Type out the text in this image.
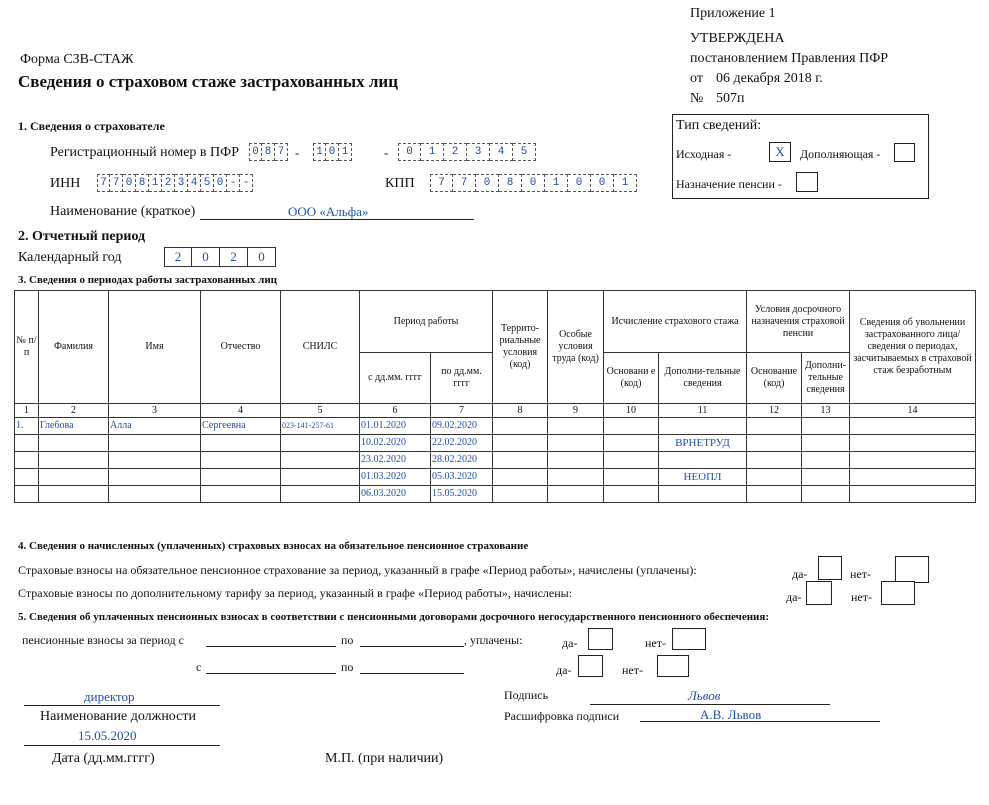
Приложение 1
УТВЕРЖДЕНА
постановлением Правления ПФР
от 06 декабря 2018 г.
№ 507п
Форма СЗВ-СТАЖ
Сведения о страховом стаже застрахованных лиц
1. Сведения о страхователе
Регистрационный номер в ПФР 0 8 7 - 1 0 1	-	0	1	2	3	4	5
ИНН 7 7 0 8 1 2 3 4 5 0 - -	КПП	7	7	0	8	0	1	0	0	1
Наименование (краткое)	ООО «Альфа»
Тип сведений:
Исходная -	X	Дополняющая -
Назначение пенсии -
2. Отчетный период
Календарный год	2	0	2	0
3. Сведения о периодах работы застрахованных лиц
№ п/п	Фамилия	Имя	Отчество	СНИЛС	Период работы		Террито-риальные условия (код)	Особые условия труда (код)	Исчисление страхового стажа		Условия досрочного назначения страховой пенсии		Сведения об увольнении застрахованного лица/сведения о периодах, засчитываемых в страховой стаж безработным
					с дд.мм. гггг	по дд.мм. гггг			Основани е (код)	Дополни-тельные сведения	Основание (код)	Дополни-тельные сведения	
1	2	3	4	5	6	7	8	9	10	11	12	13	14
1.	Глебова	Алла	Сергеевна	023-141-257-61	01.01.2020	09.02.2020							
					10.02.2020	22.02.2020				ВРНЕТРУД			
					23.02.2020	28.02.2020							
					01.03.2020	05.03.2020				НЕОПЛ			
					06.03.2020	15.05.2020							
4. Сведения о начисленных (уплаченных) страховых взносах на обязательное пенсионное страхование
Страховые взносы на обязательное пенсионное страхование за период, указанный в графе «Период работы», начислены (уплачены):	да-	нет-
Страховые взносы по дополнительному тарифу за период, указанный в графе «Период работы», начислены:	да-	нет-
5. Сведения об уплаченных пенсионных взносах в соответствии с пенсионными договорами досрочного негосударственного пенсионного обеспечения:
пенсионные взносы за период с	по	, уплачены:	да-	нет-
с	по	да-	нет-
директор
Наименование должности
15.05.2020
Дата (дд.мм.гггг)	М.П. (при наличии)
Подпись	Львов
Расшифровка подписи	А.В. Львов
